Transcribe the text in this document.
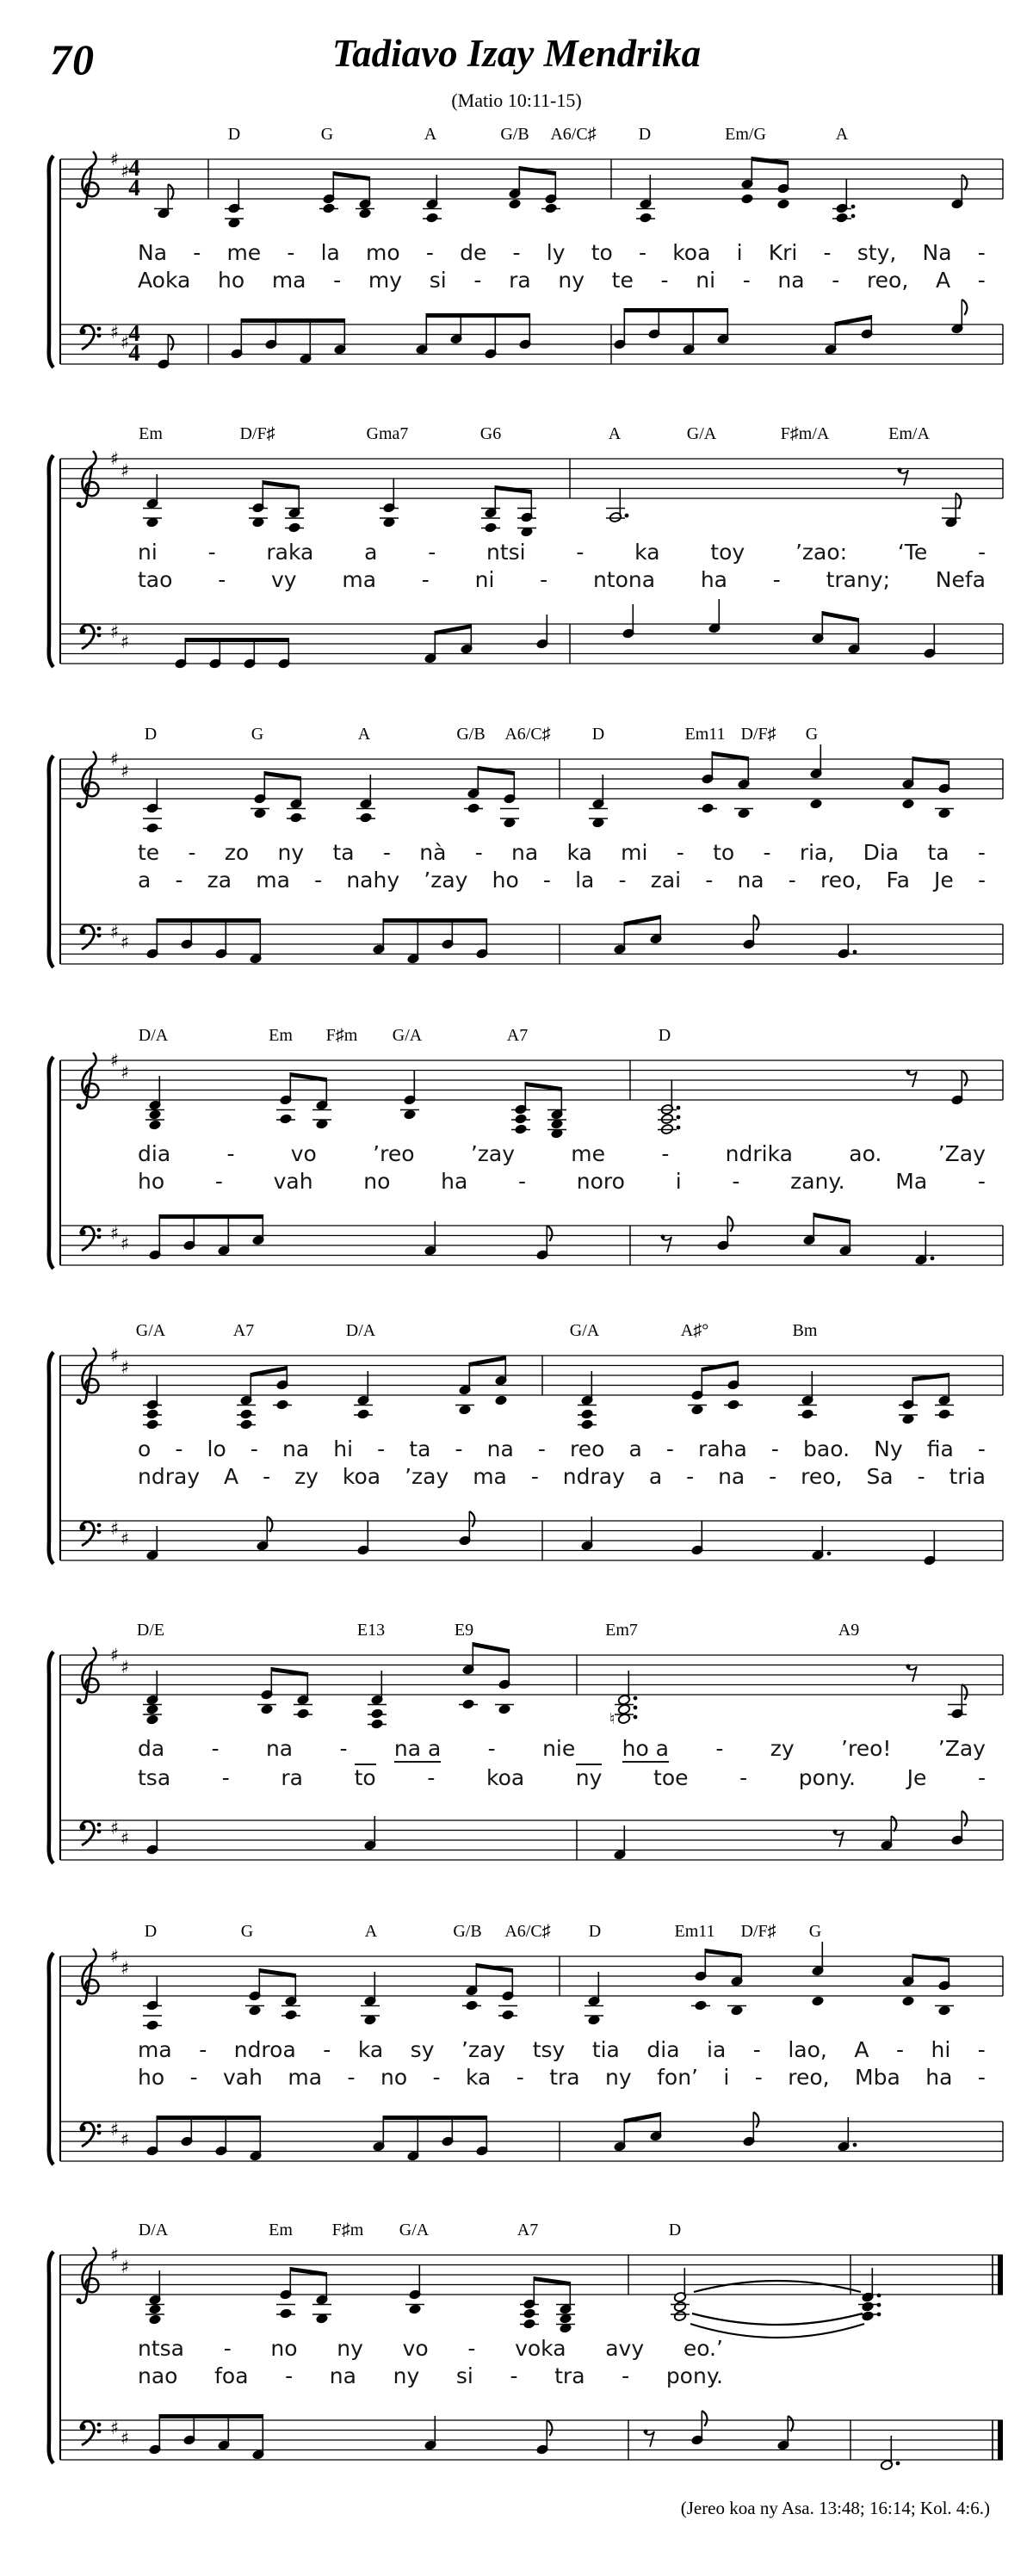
70	Tadiavo Izay Mendrika
(Matio 10:11-15)
D	G	A	G/B A6/C♯ D	Em/G	A
Na - me - la mo - de - ly to - koa i Kri - sty, Na -
Aoka ho ma - my si - ra ny te - ni - na - reo, A -
♯
♯ 4
4
♯ ♯ 4
4
Em	D/F♯	Gma7	G6	A	G/A	F♯m/A	Em/A
ni - raka a - ntsi - ka toy ’zao: ‘Te -
tao - vy ma - ni - ntona ha - trany; Nefa
♯
♯
♯ ♯
D	G	A	G/B A6/C♯ D	Em11 D/F♯ G
te - zo ny ta - nà - na ka mi - to - ria, Dia ta -
a - za ma - nahy ’zay ho - la - zai - na - reo, Fa Je -
♯
♯
♯ ♯
D/A	Em F♯m G/A	A7	D
dia	-	vo	’reo	’zay	me	-	ndrika	ao.	’Zay
ho - vah no ha - noro i - zany. Ma -
♯
♯
♯ ♯
G/A	A7	D/A	G/A	A♯°	Bm
o - lo - na hi - ta - na - reo a - raha - bao. Ny fia -
ndray A - zy koa ’zay ma - ndray a - na - reo, Sa - tria
♯
♯
♯ ♯
D/E	E13	E9	Em7	A9
da - na - na a - nie ho a - zy ’reo! ’Zay
tsa - ra to - koa ny toe - pony. Je -
♯
♯
♮
♯ ♯
D	G	A	G/B A6/C♯ D	Em11 D/F♯ G
ma - ndroa - ka sy ’zay tsy tia dia ia - lao, A - hi -
ho - vah ma - no - ka - tra ny fon’ i - reo, Mba ha -
♯
♯
♯ ♯
D/A	Em F♯m G/A	A7	D
ntsa - no ny vo - voka avy eo.’
nao foa - na ny si - tra - pony.
♯
♯
♯ ♯
(Jereo koa ny Asa. 13:48; 16:14; Kol. 4:6.)
